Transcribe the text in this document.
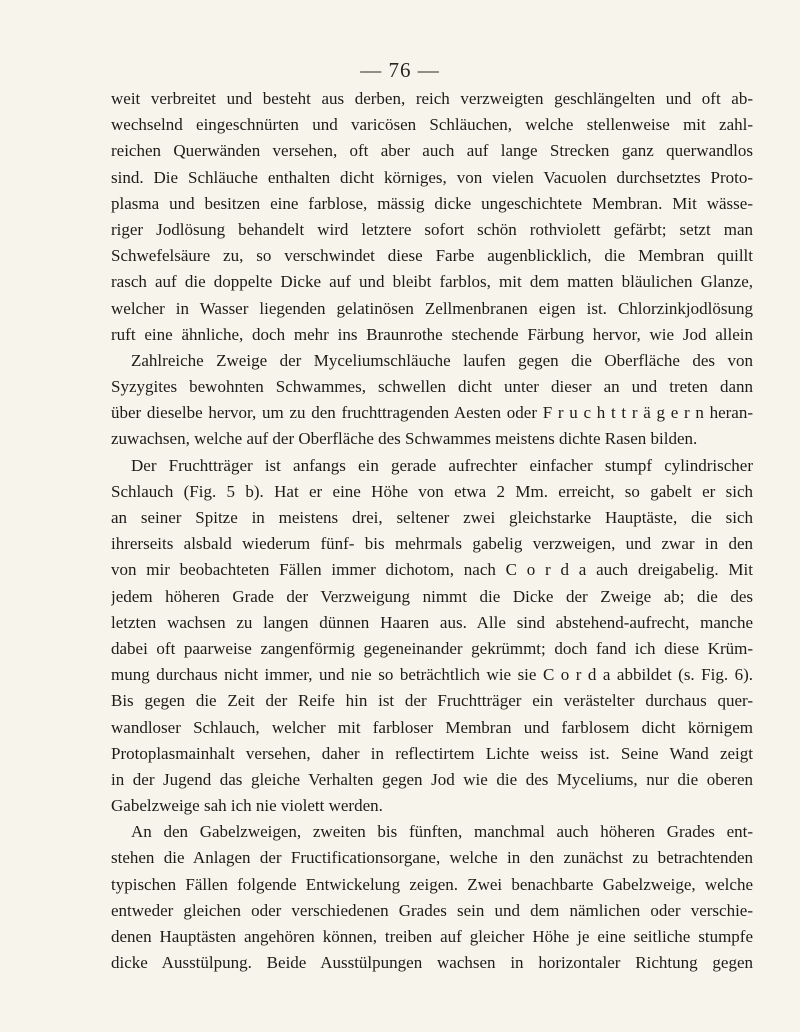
— 76 —
weit verbreitet und besteht aus derben, reich verzweigten geschlängelten und oft ab-
wechselnd eingeschnürten und varicösen Schläuchen, welche stellenweise mit zahl-
reichen Querwänden versehen, oft aber auch auf lange Strecken ganz querwandlos
sind. Die Schläuche enthalten dicht körniges, von vielen Vacuolen durchsetztes Proto-
plasma und besitzen eine farblose, mässig dicke ungeschichtete Membran. Mit wässe-
riger Jodlösung behandelt wird letztere sofort schön rothviolett gefärbt; setzt man
Schwefelsäure zu, so verschwindet diese Farbe augenblicklich, die Membran quillt
rasch auf die doppelte Dicke auf und bleibt farblos, mit dem matten bläulichen Glanze,
welcher in Wasser liegenden gelatinösen Zellmenbranen eigen ist. Chlorzinkjodlösung
ruft eine ähnliche, doch mehr ins Braunrothe stechende Färbung hervor, wie Jod allein
Zahlreiche Zweige der Myceliumschläuche laufen gegen die Oberfläche des von
Syzygites bewohnten Schwammes, schwellen dicht unter dieser an und treten dann
über dieselbe hervor, um zu den fruchttragenden Aesten oder F r u c h t t r ä g e r n heran-
zuwachsen, welche auf der Oberfläche des Schwammes meistens dichte Rasen bilden.
Der Fruchtträger ist anfangs ein gerade aufrechter einfacher stumpf cylindrischer
Schlauch (Fig. 5 b). Hat er eine Höhe von etwa 2 Mm. erreicht, so gabelt er sich
an seiner Spitze in meistens drei, seltener zwei gleichstarke Hauptäste, die sich
ihrerseits alsbald wiederum fünf- bis mehrmals gabelig verzweigen, und zwar in den
von mir beobachteten Fällen immer dichotom, nach C o r d a auch dreigabelig. Mit
jedem höheren Grade der Verzweigung nimmt die Dicke der Zweige ab; die des
letzten wachsen zu langen dünnen Haaren aus. Alle sind abstehend-aufrecht, manche
dabei oft paarweise zangenförmig gegeneinander gekrümmt; doch fand ich diese Krüm-
mung durchaus nicht immer, und nie so beträchtlich wie sie C o r d a abbildet (s. Fig. 6).
Bis gegen die Zeit der Reife hin ist der Fruchtträger ein verästelter durchaus quer-
wandloser Schlauch, welcher mit farbloser Membran und farblosem dicht körnigem
Protoplasmainhalt versehen, daher in reflectirtem Lichte weiss ist. Seine Wand zeigt
in der Jugend das gleiche Verhalten gegen Jod wie die des Myceliums, nur die oberen
Gabelzweige sah ich nie violett werden.
An den Gabelzweigen, zweiten bis fünften, manchmal auch höheren Grades ent-
stehen die Anlagen der Fructificationsorgane, welche in den zunächst zu betrachtenden
typischen Fällen folgende Entwickelung zeigen. Zwei benachbarte Gabelzweige, welche
entweder gleichen oder verschiedenen Grades sein und dem nämlichen oder verschie-
denen Hauptästen angehören können, treiben auf gleicher Höhe je eine seitliche stumpfe
dicke Ausstülpung. Beide Ausstülpungen wachsen in horizontaler Richtung gegen
